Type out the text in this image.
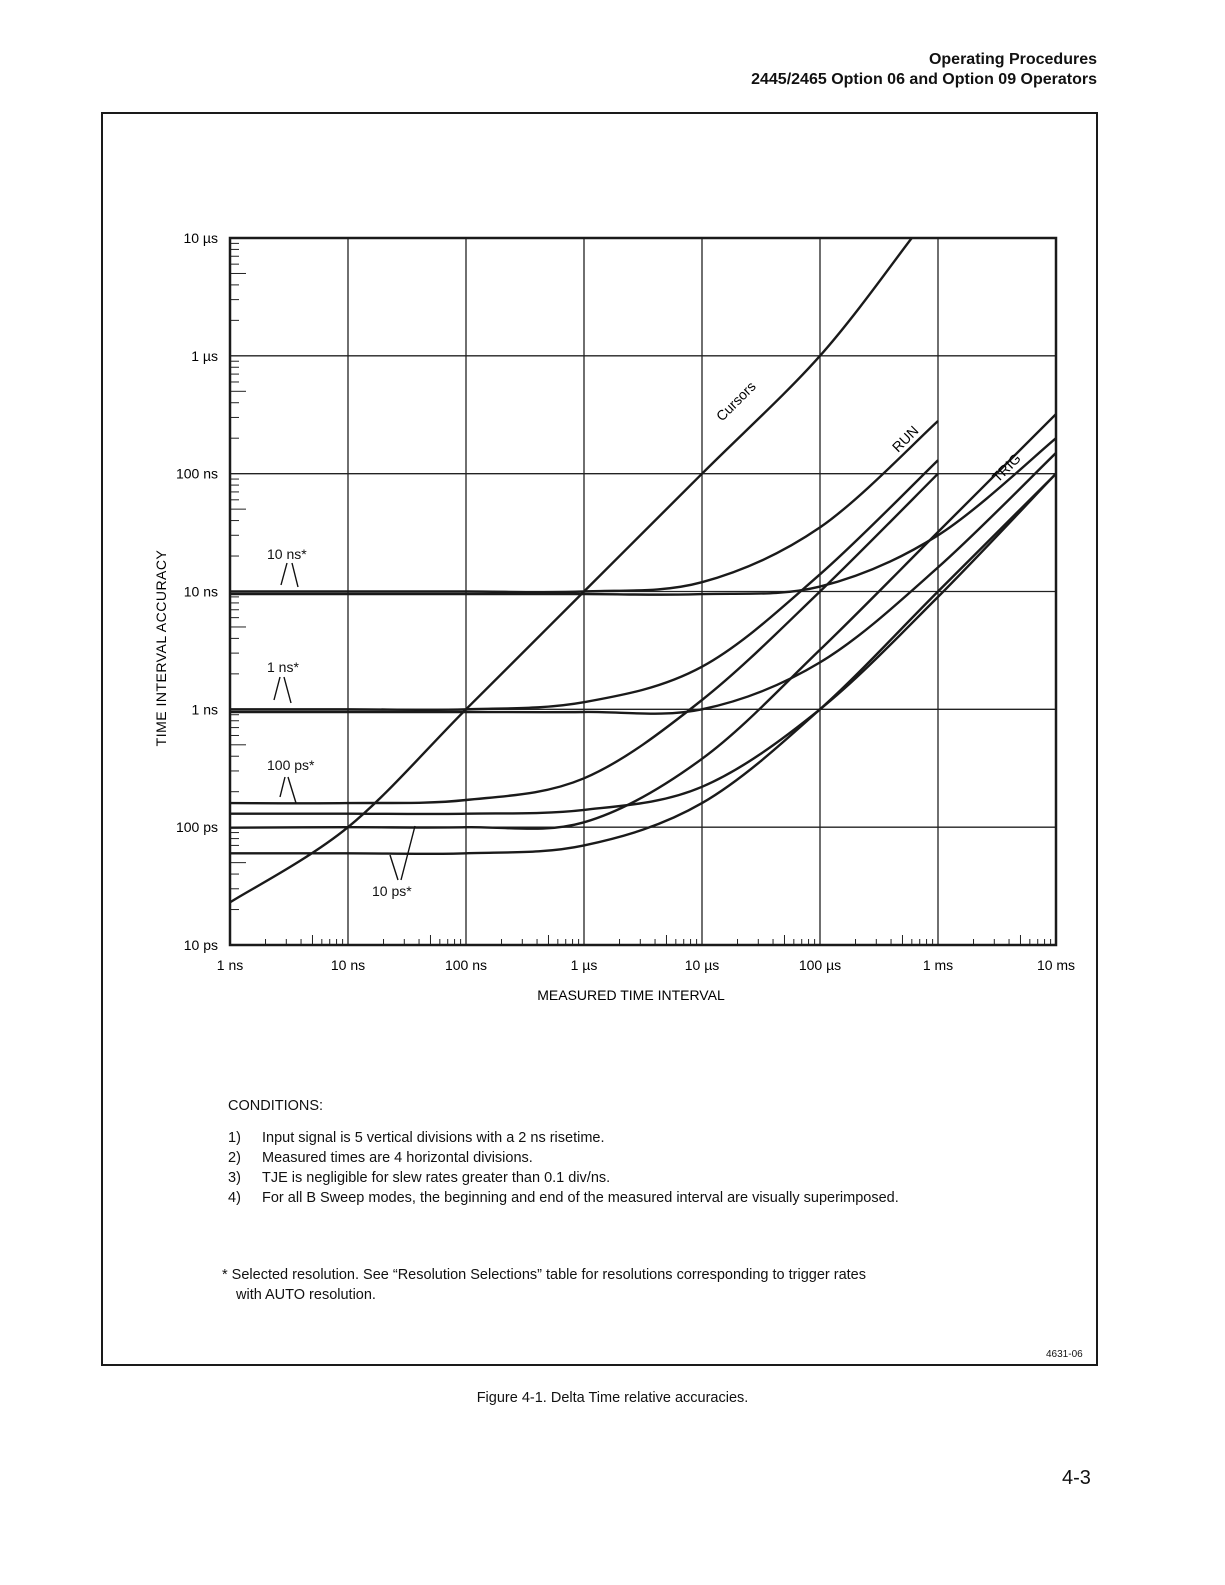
Operating Procedures
2445/2465 Option 06 and Option 09 Operators
10 µs
1 µs
100 ns
10 ns
1 ns
100 ps
10 ps
1 ns	10 ns	100 ns	1 µs	10 µs	100 µs	1 ms	10 ms
TIME INTERVAL ACCURACY
MEASURED TIME INTERVAL
Cursors
RUN
TRIG
10 ns*
1 ns*
100 ps*
10 ps*
CONDITIONS:
1) Input signal is 5 vertical divisions with a 2 ns risetime.
2) Measured times are 4 horizontal divisions.
3) TJE is negligible for slew rates greater than 0.1 div/ns.
4) For all B Sweep modes, the beginning and end of the measured interval are visually superimposed.
* Selected resolution. See “Resolution Selections” table for resolutions corresponding to trigger rates
with AUTO resolution.
4631-06
Figure 4-1. Delta Time relative accuracies.
4-3
